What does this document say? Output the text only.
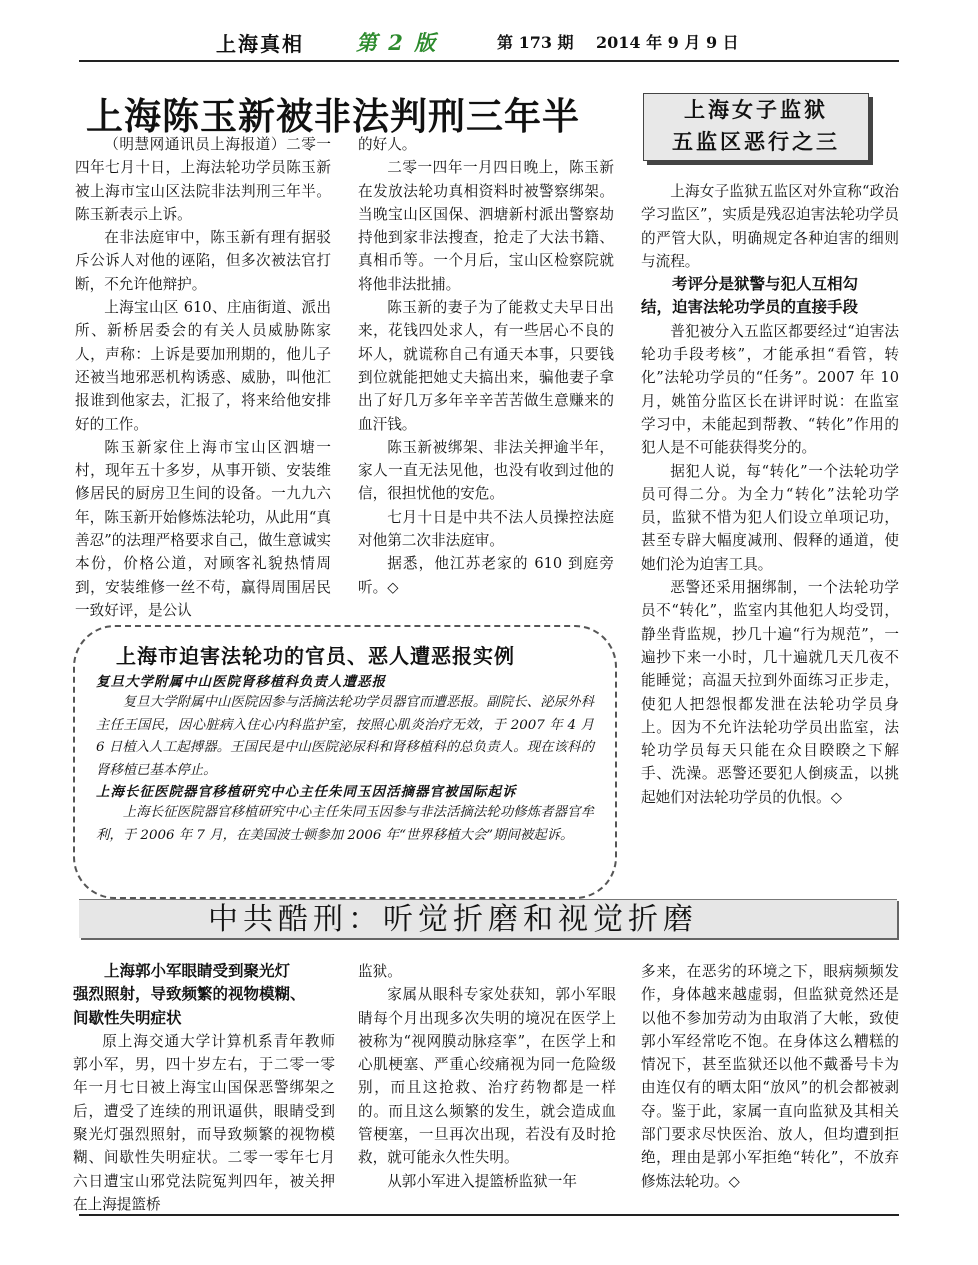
上海真相 第 2 版	第 173 期 2014 年 9 月 9 日
上海陈玉新被非法判刑三年半

（明慧网通讯员上海报道）二零一四年七月十日，上海法轮功学员陈玉新被上海市宝山区法院非法判刑三年半。陈玉新表示上诉。

在非法庭审中，陈玉新有理有据驳斥公诉人对他的诬陷，但多次被法官打断，不允许他辩护。

上海宝山区 610、庄庙街道、派出所、新桥居委会的有关人员威胁陈家人，声称：上诉是要加刑期的，他儿子还被当地邪恶机构诱惑、威胁，叫他汇报谁到他家去，汇报了，将来给他安排好的工作。

陈玉新家住上海市宝山区泗塘一村，现年五十多岁，从事开锁、安装维修居民的厨房卫生间的设备。一九九六年，陈玉新开始修炼法轮功，从此用“真善忍”的法理严格要求自己，做生意诚实本份，价格公道，对顾客礼貌热情周到，安装维修一丝不苟，赢得周围居民一致好评，是公认

的好人。

二零一四年一月四日晚上，陈玉新在发放法轮功真相资料时被警察绑架。当晚宝山区国保、泗塘新村派出警察劫持他到家非法搜查，抢走了大法书籍、真相币等。一个月后，宝山区检察院就将他非法批捕。

陈玉新的妻子为了能救丈夫早日出来，花钱四处求人，有一些居心不良的坏人，就谎称自己有通天本事，只要钱到位就能把她丈夫搞出来，骗他妻子拿出了好几万多年辛辛苦苦做生意赚来的血汗钱。

陈玉新被绑架、非法关押逾半年，家人一直无法见他，也没有收到过他的信，很担忧他的安危。

七月十日是中共不法人员操控法庭对他第二次非法庭审。

据悉，他江苏老家的 610 到庭旁听。◇

上海女子监狱
五监区恶行之三

上海女子监狱五监区对外宣称“政治学习监区”，实质是残忍迫害法轮功学员的严管大队，明确规定各种迫害的细则与流程。

考评分是狱警与犯人互相勾
结，迫害法轮功学员的直接手段

普犯被分入五监区都要经过“迫害法轮功手段考核”，才能承担“看管，转化”法轮功学员的“任务”。2007 年 10 月，姚笛分监区长在讲评时说：在监室学习中，未能起到帮教、“转化”作用的犯人是不可能获得奖分的。

据犯人说，每“转化”一个法轮功学员可得二分。为全力“转化”法轮功学员，监狱不惜为犯人们设立单项记功，甚至专辟大幅度减刑、假释的通道，使她们沦为迫害工具。

恶警还采用捆绑制，一个法轮功学员不“转化”，监室内其他犯人均受罚，静坐背监规，抄几十遍“行为规范”，一遍抄下来一小时，几十遍就几天几夜不能睡觉；高温天拉到外面练习正步走，使犯人把怨恨都发泄在法轮功学员身上。因为不允许法轮功学员出监室，法轮功学员每天只能在众目睽睽之下解手、洗澡。恶警还要犯人倒痰盂，以挑起她们对法轮功学员的仇恨。◇

上海市迫害法轮功的官员、恶人遭恶报实例
复旦大学附属中山医院肾移植科负责人遭恶报

复旦大学附属中山医院因参与活摘法轮功学员器官而遭恶报。副院长、泌尿外科主任王国民，因心脏病入住心内科监护室，按照心肌炎治疗无效，于 2007 年 4 月 6 日植入人工起搏器。王国民是中山医院泌尿科和肾移植科的总负责人。现在该科的肾移植已基本停止。

上海长征医院器官移植研究中心主任朱同玉因活摘器官被国际起诉

上海长征医院器官移植研究中心主任朱同玉因参与非法活摘法轮功修炼者器官牟利，于 2006 年 7 月，在美国波士顿参加 2006 年“世界移植大会”期间被起诉。

中共酷刑：听觉折磨和视觉折磨
上海郭小军眼睛受到聚光灯
强烈照射，导致频繁的视物模糊、
间歇性失明症状

原上海交通大学计算机系青年教师郭小军，男，四十岁左右，于二零一零年一月七日被上海宝山国保恶警绑架之后，遭受了连续的刑讯逼供，眼睛受到聚光灯强烈照射，而导致频繁的视物模糊、间歇性失明症状。二零一零年七月六日遭宝山邪党法院冤判四年，被关押在上海提篮桥

监狱。

家属从眼科专家处获知，郭小军眼睛每个月出现多次失明的境况在医学上被称为“视网膜动脉痉挛”，在医学上和心肌梗塞、严重心绞痛视为同一危险级别，而且这抢救、治疗药物都是一样的。而且这么频繁的发生，就会造成血管梗塞，一旦再次出现，若没有及时抢救，就可能永久性失明。

从郭小军进入提篮桥监狱一年

多来，在恶劣的环境之下，眼病频频发作，身体越来越虚弱，但监狱竟然还是以他不参加劳动为由取消了大帐，致使郭小军经常吃不饱。在身体这么糟糕的情况下，甚至监狱还以他不戴番号卡为由连仅有的晒太阳“放风”的机会都被剥夺。鉴于此，家属一直向监狱及其相关部门要求尽快医治、放人，但均遭到拒绝，理由是郭小军拒绝“转化”，不放弃修炼法轮功。◇
